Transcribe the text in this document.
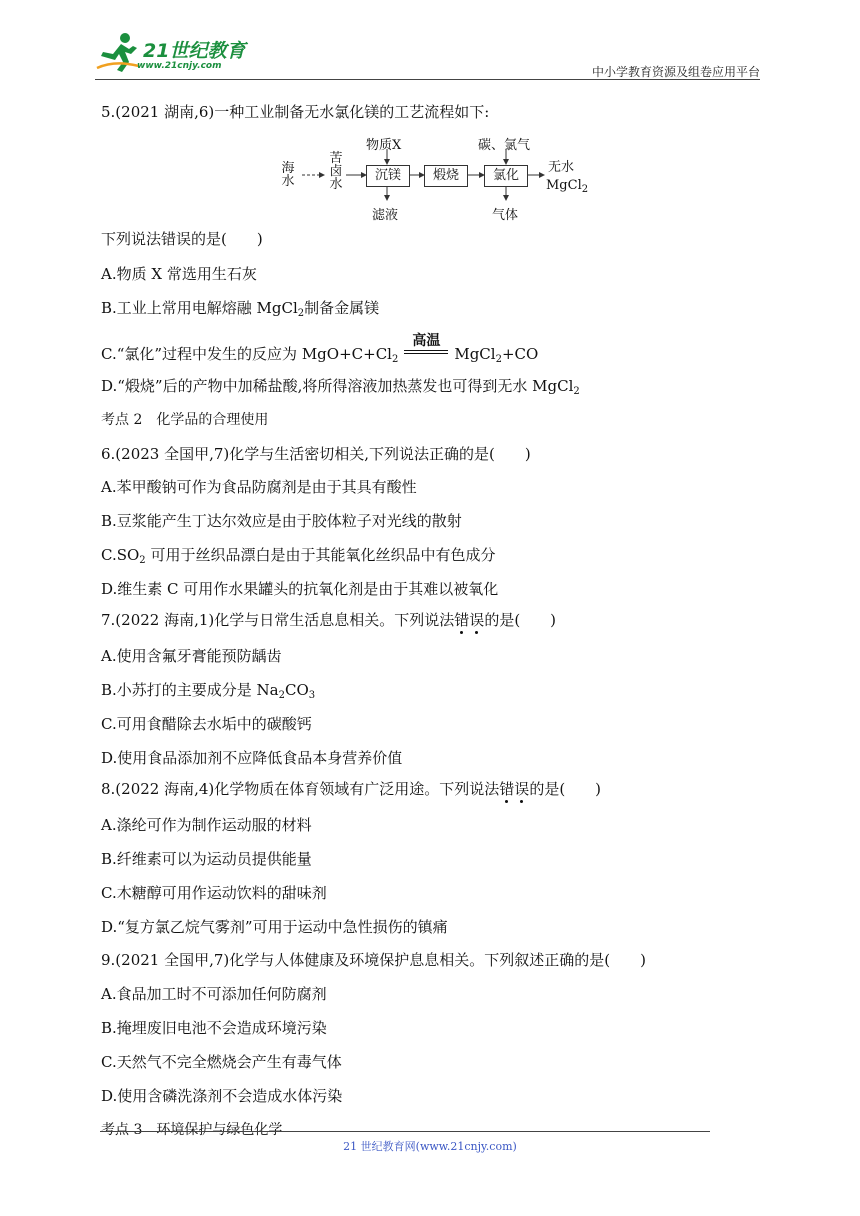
21世纪教育
www.21cnjy.com	中小学教育资源及组卷应用平台
5.(2021 湖南,6)一种工业制备无水氯化镁的工艺流程如下:
海
水
苦
卤
水
物质X
沉镁
滤液
煅烧
碳、氯气
氯化
气体
无水
MgCl$_2$
下列说法错误的是(　　)
A.物质 X 常选用生石灰
B.工业上常用电解熔融 MgCl$_2$制备金属镁
C.“氯化”过程中发生的反应为 $MgO+C+Cl_2$
高温
MgCl$_2$+CO
D.“煅烧”后的产物中加稀盐酸,将所得溶液加热蒸发也可得到无水 MgCl$_2$
考点 2　化学品的合理使用
6.(2023 全国甲,7)化学与生活密切相关,下列说法正确的是(　　)
A.苯甲酸钠可作为食品防腐剂是由于其具有酸性
B.豆浆能产生丁达尔效应是由于胶体粒子对光线的散射
$C.SO_2$ 可用于丝织品漂白是由于其能氧化丝织品中有色成分
D.维生素 C 可用作水果罐头的抗氧化剂是由于其难以被氧化
7.(2022 海南,1)化学与日常生活息息相关。下列说法错误的是(　　)
A.使用含氟牙膏能预防龋齿
B.小苏打的主要成分是 $Na_2CO_3$
C.可用食醋除去水垢中的碳酸钙
D.使用食品添加剂不应降低食品本身营养价值
8.(2022 海南,4)化学物质在体育领域有广泛用途。下列说法错误的是(　　)
A.涤纶可作为制作运动服的材料
B.纤维素可以为运动员提供能量
C.木糖醇可用作运动饮料的甜味剂
D.“复方氯乙烷气雾剂”可用于运动中急性损伤的镇痛
9.(2021 全国甲,7)化学与人体健康及环境保护息息相关。下列叙述正确的是(　　)
A.食品加工时不可添加任何防腐剂
B.掩埋废旧电池不会造成环境污染
C.天然气不完全燃烧会产生有毒气体
D.使用含磷洗涤剂不会造成水体污染
考点 3　环境保护与绿色化学
21 世纪教育网(www.21cnjy.com)
